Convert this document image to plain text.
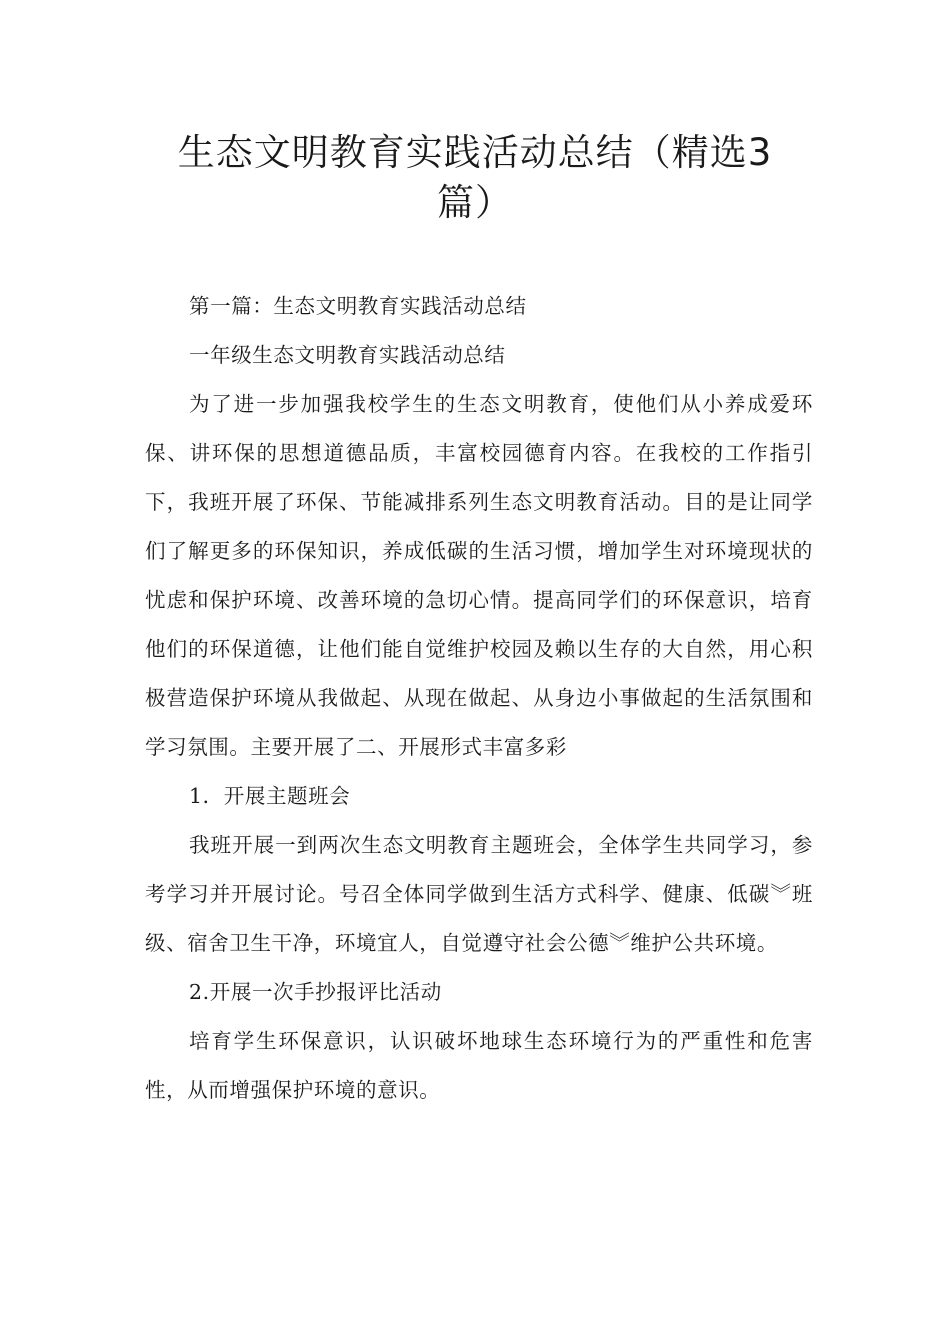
生态文明教育实践活动总结（精选3
篇）

第一篇：生态文明教育实践活动总结

一年级生态文明教育实践活动总结

为了进一步加强我校学生的生态文明教育，使他们从小养成爱环保、讲环保的思想道德品质，丰富校园德育内容。在我校的工作指引下，我班开展了环保、节能减排系列生态文明教育活动。目的是让同学们了解更多的环保知识，养成低碳的生活习惯，增加学生对环境现状的忧虑和保护环境、改善环境的急切心情。提高同学们的环保意识，培育他们的环保道德，让他们能自觉维护校园及赖以生存的大自然，用心积极营造保护环境从我做起、从现在做起、从身边小事做起的生活氛围和学习氛围。主要开展了二、开展形式丰富多彩

1．开展主题班会

我班开展一到两次生态文明教育主题班会，全体学生共同学习，参考学习并开展讨论。号召全体同学做到生活方式科学、健康、低碳︾班级、宿舍卫生干净，环境宜人，自觉遵守社会公德︾维护公共环境。

2.开展一次手抄报评比活动

培育学生环保意识，认识破坏地球生态环境行为的严重性和危害性，从而增强保护环境的意识。
